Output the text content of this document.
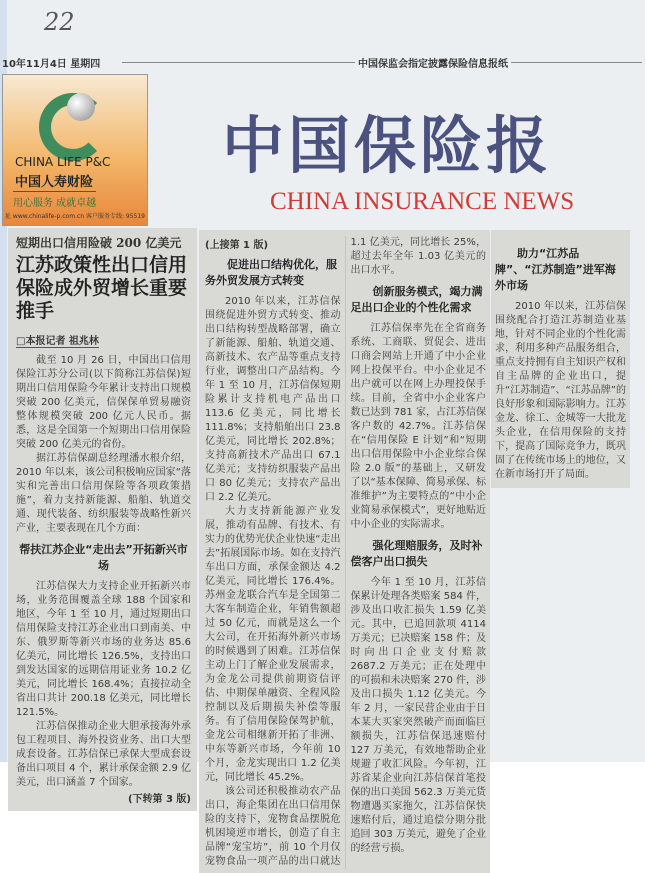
22
10年11月4日 星期四	中国保监会指定披露保险信息报纸
CHINA LIFE P&C
中国人寿财险
用心服务 成就卓越
址 www.chinalife-p.com.cn 客户服务专线: 95519
中国保险报
CHINA INSURANCE NEWS
短期出口信用险破 200 亿美元
江苏政策性出口信用保险成外贸增长重要推手
□本报记者 祖兆林

截至 10 月 26 日，中国出口信用保险江苏分公司(以下简称江苏信保)短期出口信用保险今年累计支持出口规模突破 200 亿美元，信保保单贸易融资整体规模突破 200 亿元人民币。据悉，这是全国第一个短期出口信用保险突破 200 亿美元的省份。

据江苏信保副总经理潘水根介绍，2010 年以来，该公司积极响应国家“落实和完善出口信用保险等各项政策措施”，着力支持新能源、船舶、轨道交通、现代装备、纺织服装等战略性新兴产业，主要表现在几个方面：

帮扶江苏企业“走出去”开拓新兴市场

江苏信保大力支持企业开拓新兴市场，业务范围覆盖全球 188 个国家和地区，今年 1 至 10 月，通过短期出口信用保险支持江苏企业出口到南美、中东、俄罗斯等新兴市场的业务达 85.6 亿美元，同比增长 126.5%，支持出口到发达国家的远期信用证业务 10.2 亿美元，同比增长 168.4%；直接拉动全省出口共计 200.18 亿美元，同比增长 121.5%。

江苏信保推动企业大胆承接海外承包工程项目、海外投资业务、出口大型成套设备。江苏信保已承保大型成套设备出口项目 4 个，累计承保金额 2.9 亿美元，出口涵盖 7 个国家。

(下转第 3 版)
(上接第 1 版)
促进出口结构优化，服务外贸发展方式转变

2010 年以来，江苏信保围绕促进外贸方式转变、推动出口结构转型战略部署，确立了新能源、船舶、轨道交通、高新技术、农产品等重点支持行业，调整出口产品结构。今年 1 至 10 月，江苏信保短期险累计支持机电产品出口 113.6 亿美元，同比增长 111.8%；支持船舶出口 23.8 亿美元，同比增长 202.8%；支持高新技术产品出口 67.1 亿美元；支持纺织服装产品出口 80 亿美元；支持农产品出口 2.2 亿美元。

大力支持新能源产业发展，推动有品牌、有技术、有实力的优势光伏企业快速“走出去”拓展国际市场。如在支持汽车出口方面，承保金额达 4.2 亿美元，同比增长 176.4%。苏州金龙联合汽车是全国第二大客车制造企业，年销售额超过 50 亿元，而就是这么一个大公司，在开拓海外新兴市场的时候遇到了困难。江苏信保主动上门了解企业发展需求，为金龙公司提供前期资信评估、中期保单融资、全程风险控制以及后期损失补偿等服务。有了信用保险保驾护航，金龙公司相继新开拓了非洲、中东等新兴市场，今年前 10 个月，金龙实现出口 1.2 亿美元，同比增长 45.2%。

该公司还积极推动农产品出口，海企集团在出口信用保险的支持下，宠物食品摆脱危机困境逆市增长，创造了自主品牌“宠宝坊”，前 10 个月仅宠物食品一项产品的出口就达 1.1 亿美元，同比增长 25%，超过去年全年 1.03 亿美元的出口水平。

创新服务模式，竭力满足出口企业的个性化需求

江苏信保率先在全省商务系统、工商联、贸促会、进出口商会网站上开通了中小企业网上投保平台。中小企业足不出户就可以在网上办理投保手续。目前，全省中小企业客户数已达到 781 家，占江苏信保客户数的 42.7%。江苏信保在“信用保险 E 计划”和“短期出口信用保险中小企业综合保险 2.0 版”的基础上，又研发了以“基本保障、简易承保、标准维护”为主要特点的“中小企业简易承保模式”，更好地贴近中小企业的实际需求。

强化理赔服务，及时补偿客户出口损失

今年 1 至 10 月，江苏信保累计处理各类赔案 584 件，涉及出口收汇损失 1.59 亿美元。其中，已追回款项 4114 万美元；已决赔案 158 件；及时向出口企业支付赔款 2687.2 万美元；正在处理中的可损和未决赔案 270 件，涉及出口损失 1.12 亿美元。今年 2 月，一家民营企业由于日本某大买家突然破产而面临巨额损失，江苏信保迅速赔付 127 万美元，有效地帮助企业规避了收汇风险。今年初，江苏省某企业向江苏信保首笔投保的出口美国 562.3 万美元货物遭遇买家拖欠，江苏信保快速赔付后，通过追偿分期分批追回 303 万美元，避免了企业的经营亏损。

助力“江苏品牌”、“江苏制造”进军海外市场

2010 年以来，江苏信保围绕配合打造江苏制造业基地，针对不同企业的个性化需求，利用多种产品服务组合，重点支持拥有自主知识产权和自主品牌的企业出口，提升“江苏制造”、“江苏品牌”的良好形象和国际影响力。江苏金龙、徐工、金城等一大批龙头企业，在信用保险的支持下，提高了国际竞争力，既巩固了在传统市场上的地位，又在新市场打开了局面。
